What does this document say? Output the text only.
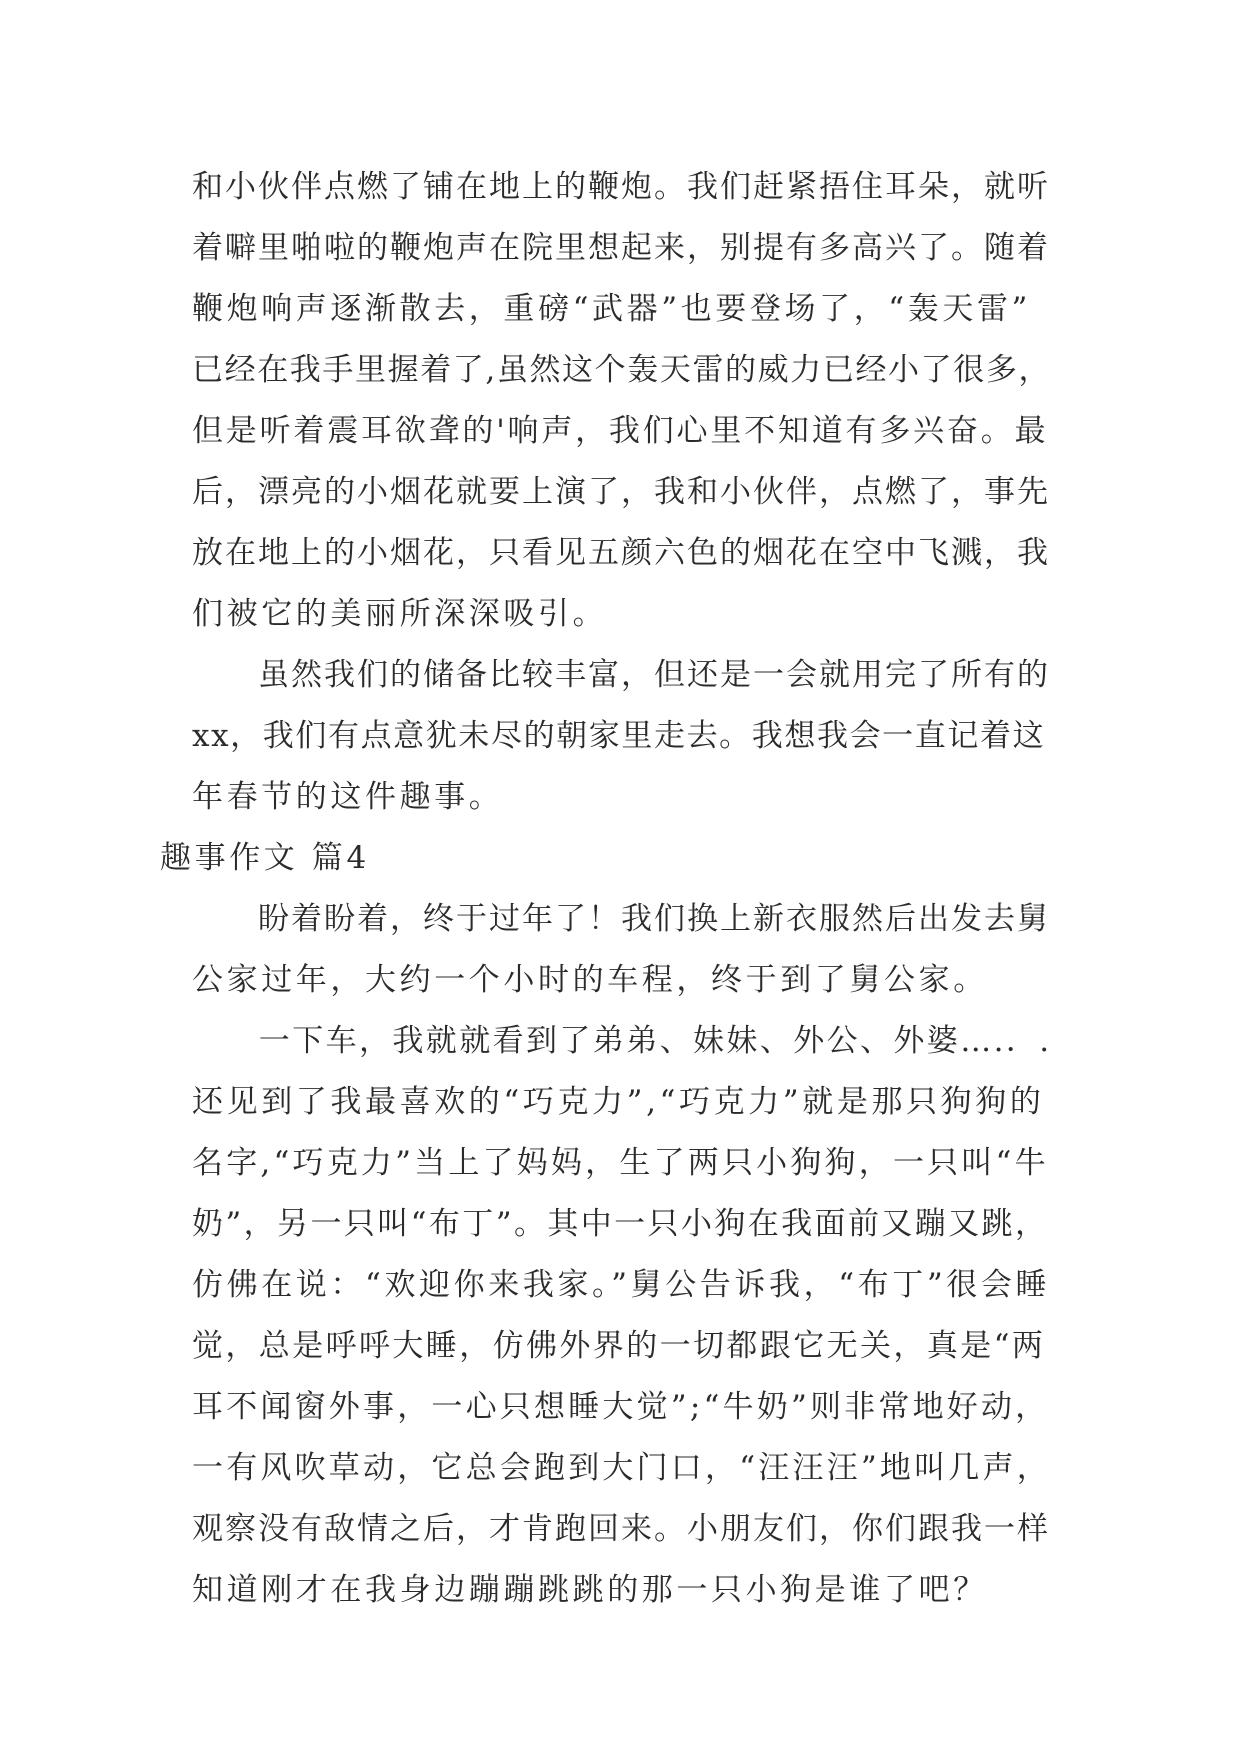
和小伙伴点燃了铺在地上的鞭炮。我们赶紧捂住耳朵，就听
着噼里啪啦的鞭炮声在院里想起来，别提有多高兴了。随着
鞭炮响声逐渐散去，重磅“武器”也要登场了，“轰天雷”
已经在我手里握着了,虽然这个轰天雷的威力已经小了很多，
但是听着震耳欲聋的'响声，我们心里不知道有多兴奋。最
后，漂亮的小烟花就要上演了，我和小伙伴，点燃了，事先
放在地上的小烟花，只看见五颜六色的烟花在空中飞溅，我
们被它的美丽所深深吸引。
　　虽然我们的储备比较丰富，但还是一会就用完了所有的
xx，我们有点意犹未尽的朝家里走去。我想我会一直记着这
年春节的这件趣事。
趣事作文 篇4
　　盼着盼着，终于过年了！我们换上新衣服然后出发去舅
公家过年，大约一个小时的车程，终于到了舅公家。
　　一下车，我就就看到了弟弟、妹妹、外公、外婆….．.
还见到了我最喜欢的“巧克力”,“巧克力”就是那只狗狗的
名字,“巧克力”当上了妈妈，生了两只小狗狗，一只叫“牛
奶”，另一只叫“布丁”。其中一只小狗在我面前又蹦又跳，
仿佛在说：“欢迎你来我家。”舅公告诉我，“布丁”很会睡
觉，总是呼呼大睡，仿佛外界的一切都跟它无关，真是“两
耳不闻窗外事，一心只想睡大觉”;“牛奶”则非常地好动，
一有风吹草动，它总会跑到大门口，“汪汪汪”地叫几声，
观察没有敌情之后，才肯跑回来。小朋友们，你们跟我一样
知道刚才在我身边蹦蹦跳跳的那一只小狗是谁了吧？
